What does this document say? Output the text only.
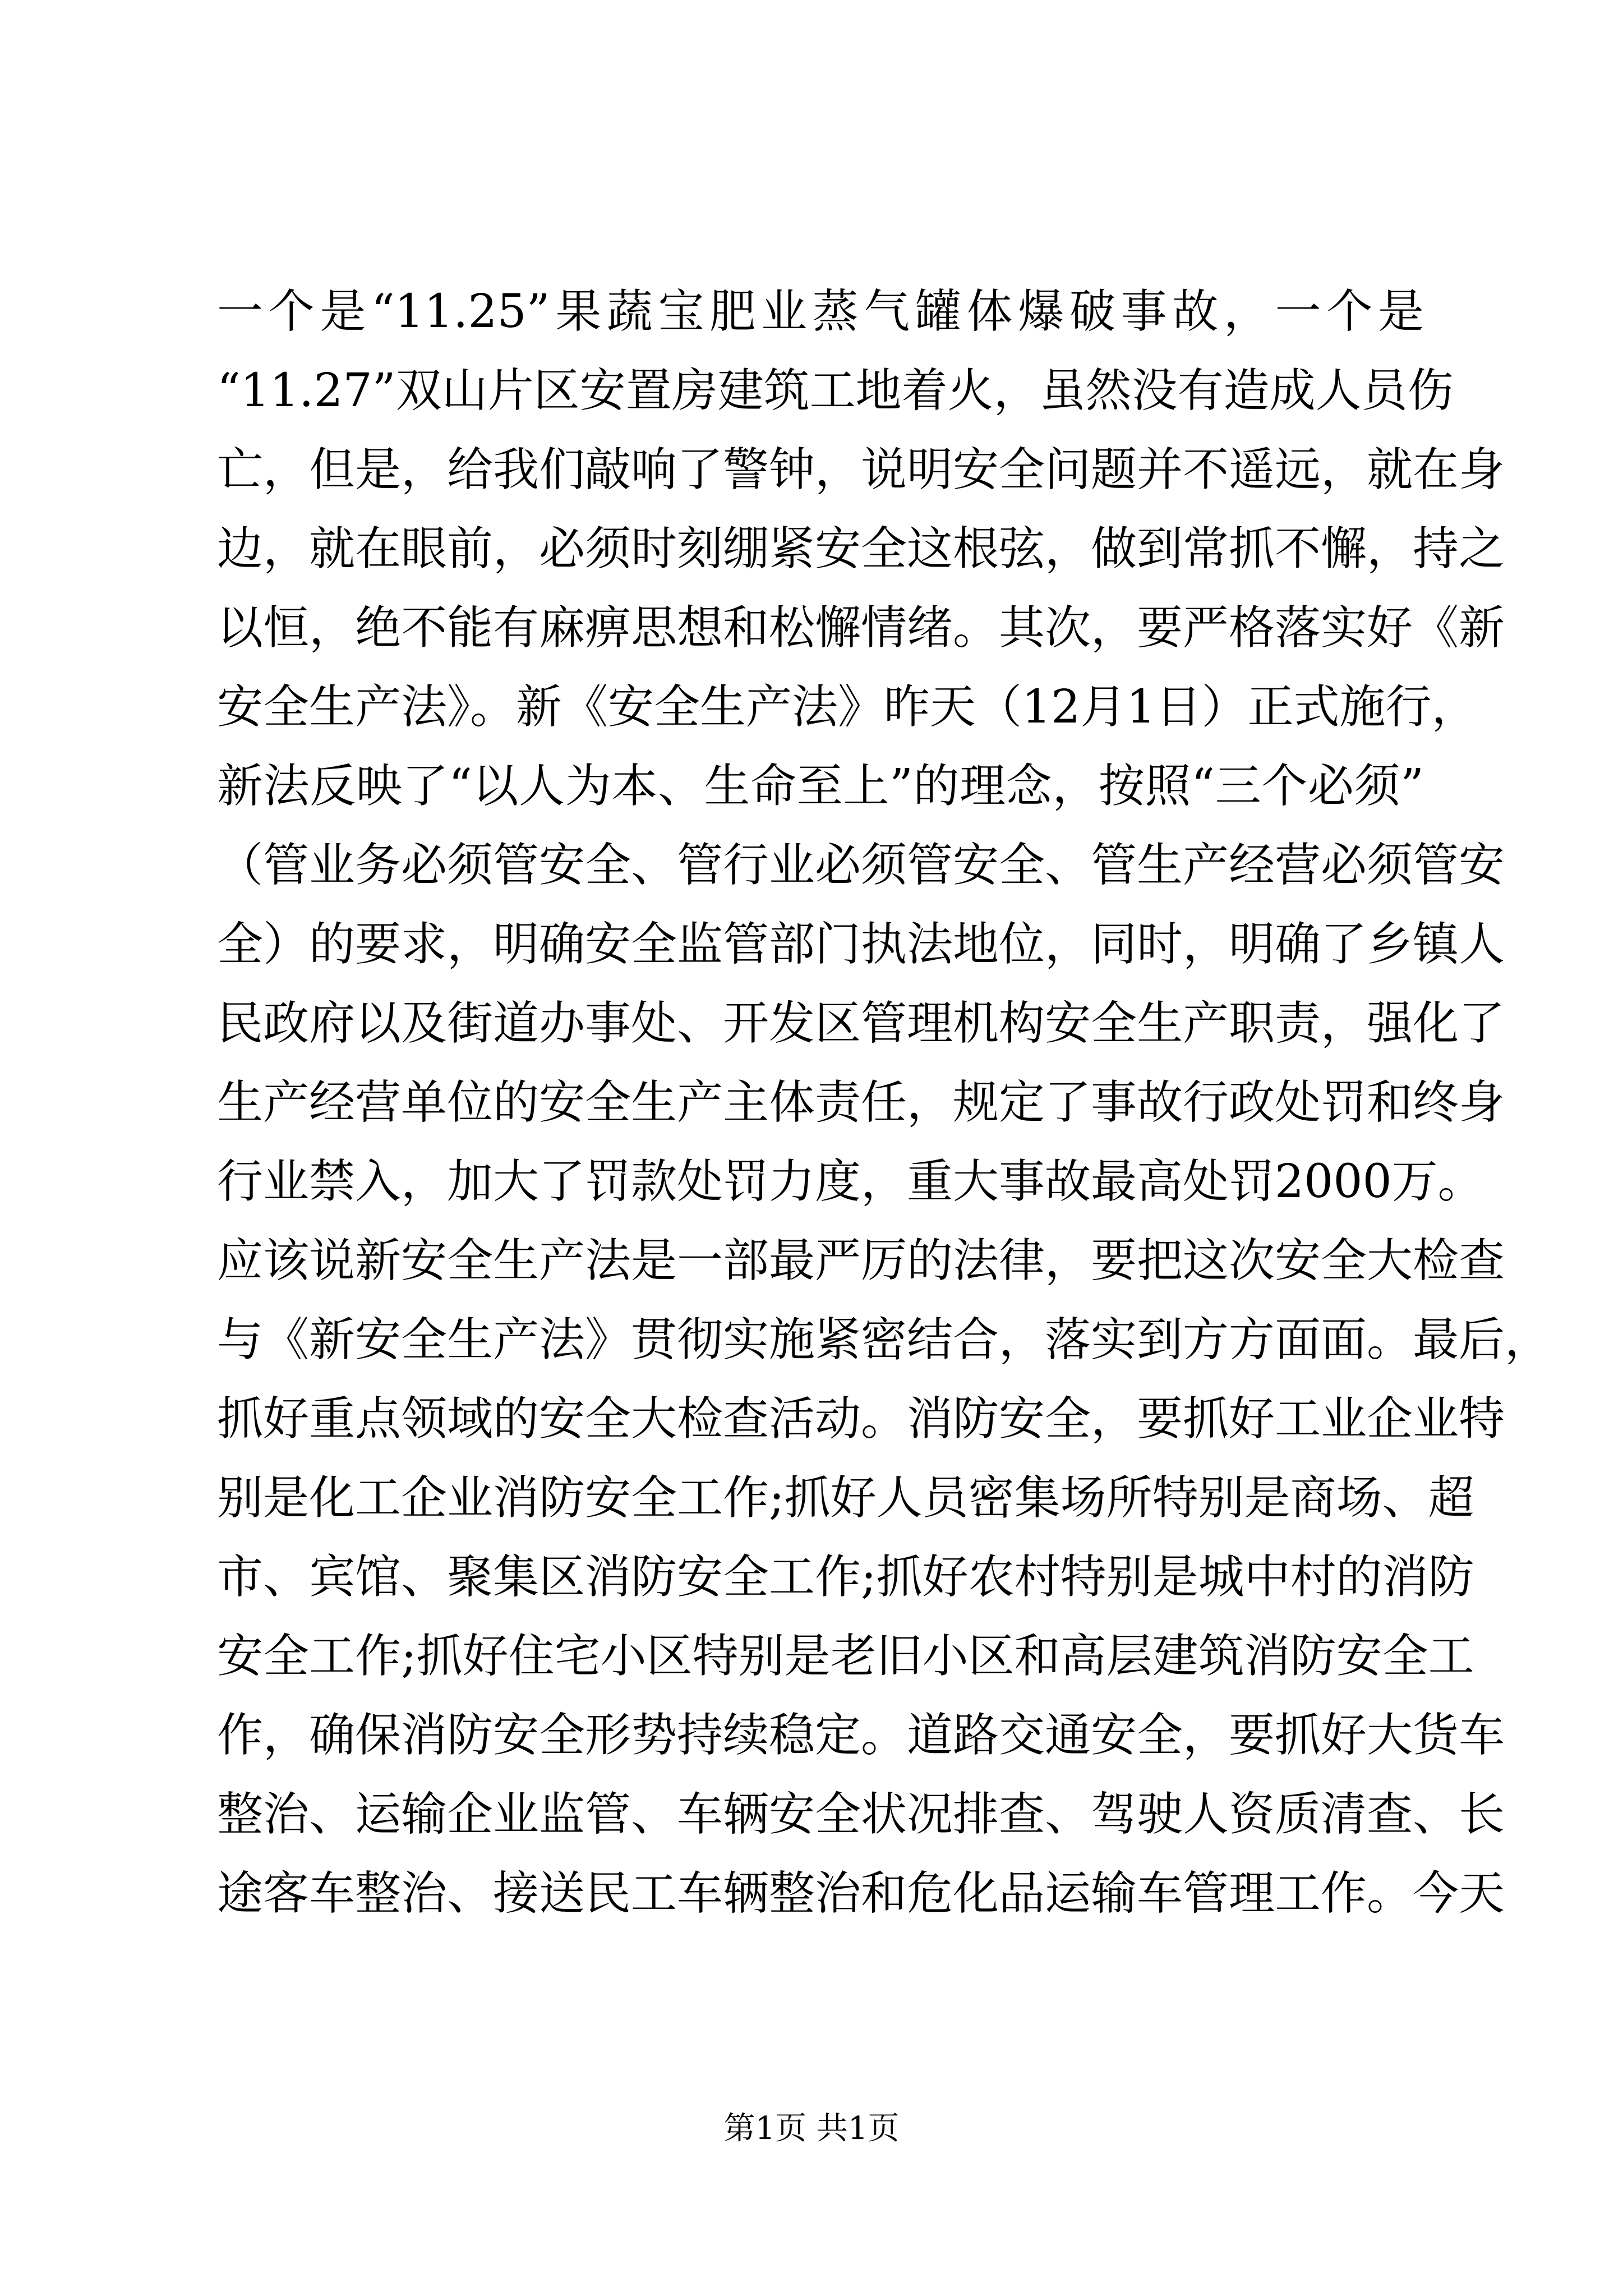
一个是“11.25”果蔬宝肥业蒸气罐体爆破事故，一个是
“11.27”双山片区安置房建筑工地着火，虽然没有造成人员伤
亡，但是，给我们敲响了警钟，说明安全问题并不遥远，就在身
边，就在眼前，必须时刻绷紧安全这根弦，做到常抓不懈，持之
以恒，绝不能有麻痹思想和松懈情绪。其次，要严格落实好《新
安全生产法》。新《安全生产法》昨天（12月1日）正式施行，
新法反映了“以人为本、生命至上”的理念，按照“三个必须”
（管业务必须管安全、管行业必须管安全、管生产经营必须管安
全）的要求，明确安全监管部门执法地位，同时，明确了乡镇人
民政府以及街道办事处、开发区管理机构安全生产职责，强化了
生产经营单位的安全生产主体责任，规定了事故行政处罚和终身
行业禁入，加大了罚款处罚力度，重大事故最高处罚2000万。
应该说新安全生产法是一部最严厉的法律，要把这次安全大检查
与《新安全生产法》贯彻实施紧密结合，落实到方方面面。最后，
抓好重点领域的安全大检查活动。消防安全，要抓好工业企业特
别是化工企业消防安全工作;抓好人员密集场所特别是商场、超
市、宾馆、聚集区消防安全工作;抓好农村特别是城中村的消防
安全工作;抓好住宅小区特别是老旧小区和高层建筑消防安全工
作，确保消防安全形势持续稳定。道路交通安全，要抓好大货车
整治、运输企业监管、车辆安全状况排查、驾驶人资质清查、长
途客车整治、接送民工车辆整治和危化品运输车管理工作。今天
第1页 共1页
